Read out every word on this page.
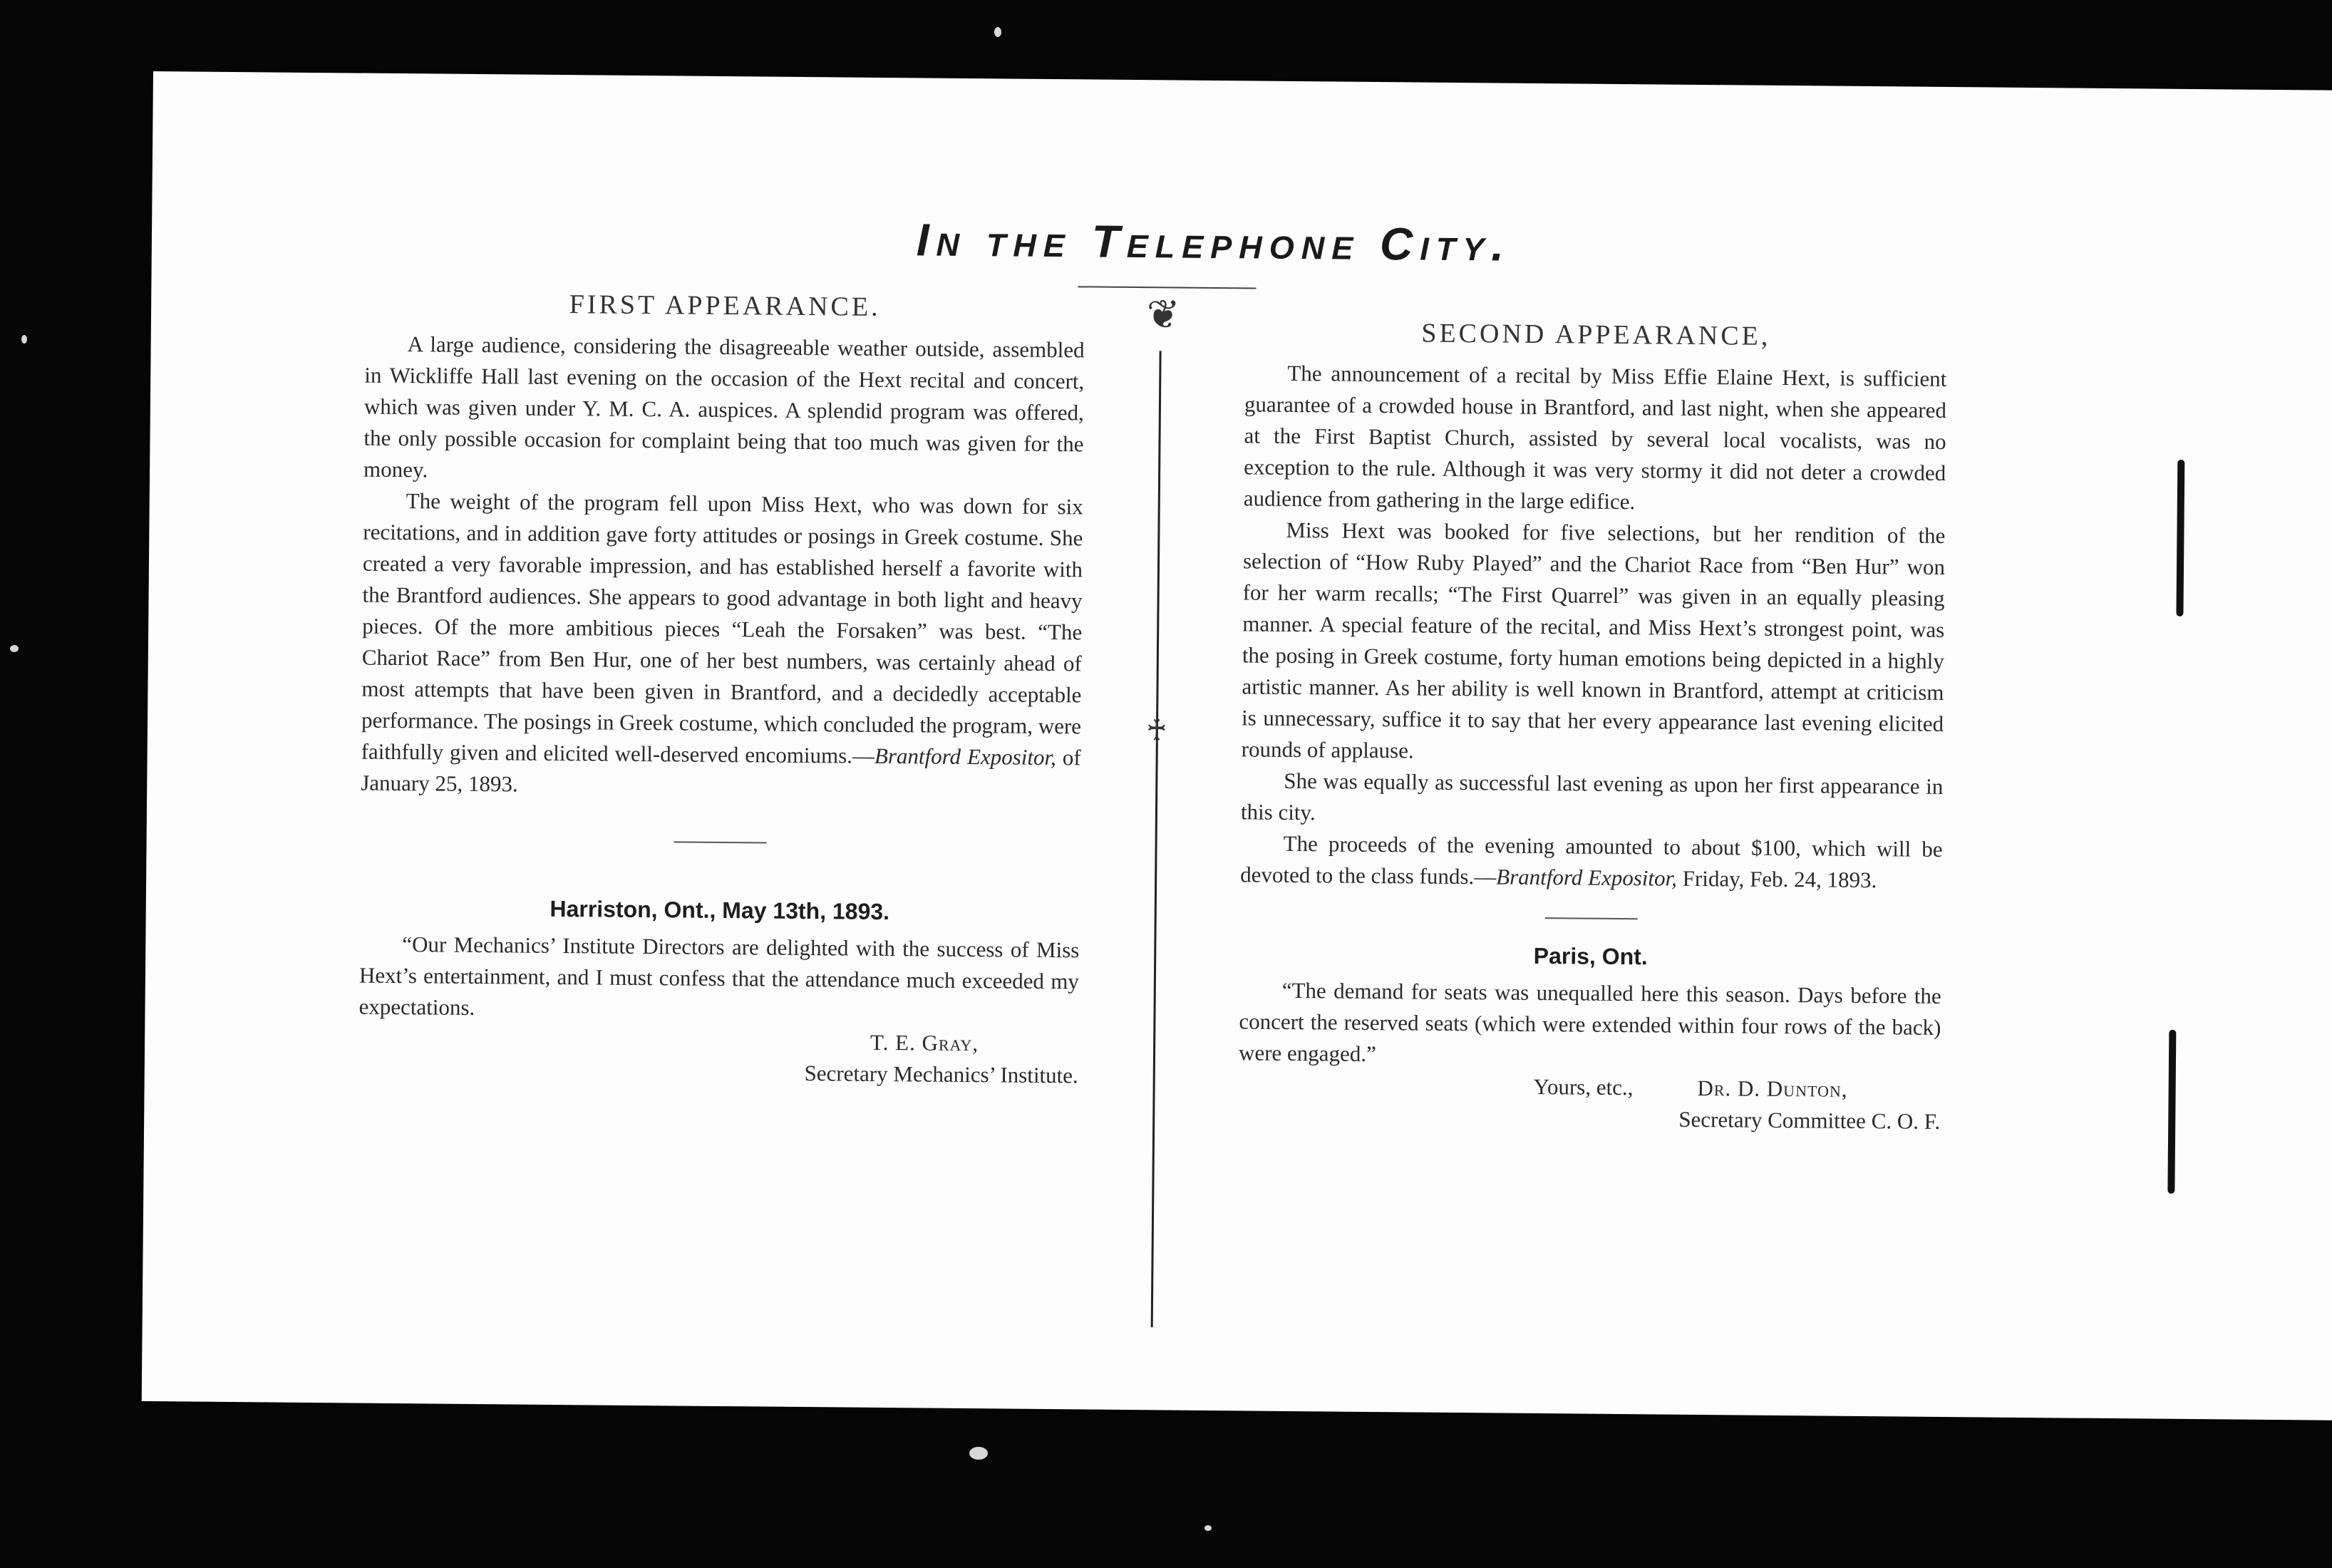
In the Telephone City.
❦
♰
FIRST APPEARANCE.

A large audience, considering the disagreeable weather outside, assembled in Wickliffe Hall last evening on the occasion of the Hext recital and concert, which was given under Y. M. C. A. auspices. A splendid program was offered, the only possible occasion for complaint being that too much was given for the money.

The weight of the program fell upon Miss Hext, who was down for six recitations, and in addition gave forty attitudes or posings in Greek costume. She created a very favorable impression, and has established herself a favorite with the Brantford audiences. She appears to good advantage in both light and heavy pieces. Of the more ambitious pieces “Leah the Forsaken” was best. “The Chariot Race” from Ben Hur, one of her best numbers, was certainly ahead of most attempts that have been given in Brantford, and a decidedly acceptable performance. The posings in Greek costume, which concluded the program, were faithfully given and elicited well-deserved encomiums.—Brantford Expositor, of January 25, 1893.

Harriston, Ont., May 13th, 1893.

“Our Mechanics’ Institute Directors are delighted with the success of Miss Hext’s entertainment, and I must confess that the attendance much exceeded my expectations.

T. E. Gray,

Secretary Mechanics’ Institute.

SECOND APPEARANCE,

The announcement of a recital by Miss Effie Elaine Hext, is sufficient guarantee of a crowded house in Brantford, and last night, when she appeared at the First Baptist Church, assisted by several local vocalists, was no exception to the rule. Although it was very stormy it did not deter a crowded audience from gathering in the large edifice.

Miss Hext was booked for five selections, but her rendition of the selection of “How Ruby Played” and the Chariot Race from “Ben Hur” won for her warm recalls; “The First Quarrel” was given in an equally pleasing manner. A special feature of the recital, and Miss Hext’s strongest point, was the posing in Greek costume, forty human emotions being depicted in a highly artistic manner. As her ability is well known in Brantford, attempt at criticism is unnecessary, suffice it to say that her every appearance last evening elicited rounds of applause.

She was equally as successful last evening as upon her first appearance in this city.

The proceeds of the evening amounted to about $100, which will be devoted to the class funds.—Brantford Expositor, Friday, Feb. 24, 1893.

Paris, Ont.

“The demand for seats was unequalled here this season. Days before the concert the reserved seats (which were extended within four rows of the back) were engaged.”

Yours, etc.,	Dr. D. Dunton,

Secretary Committee C. O. F.
